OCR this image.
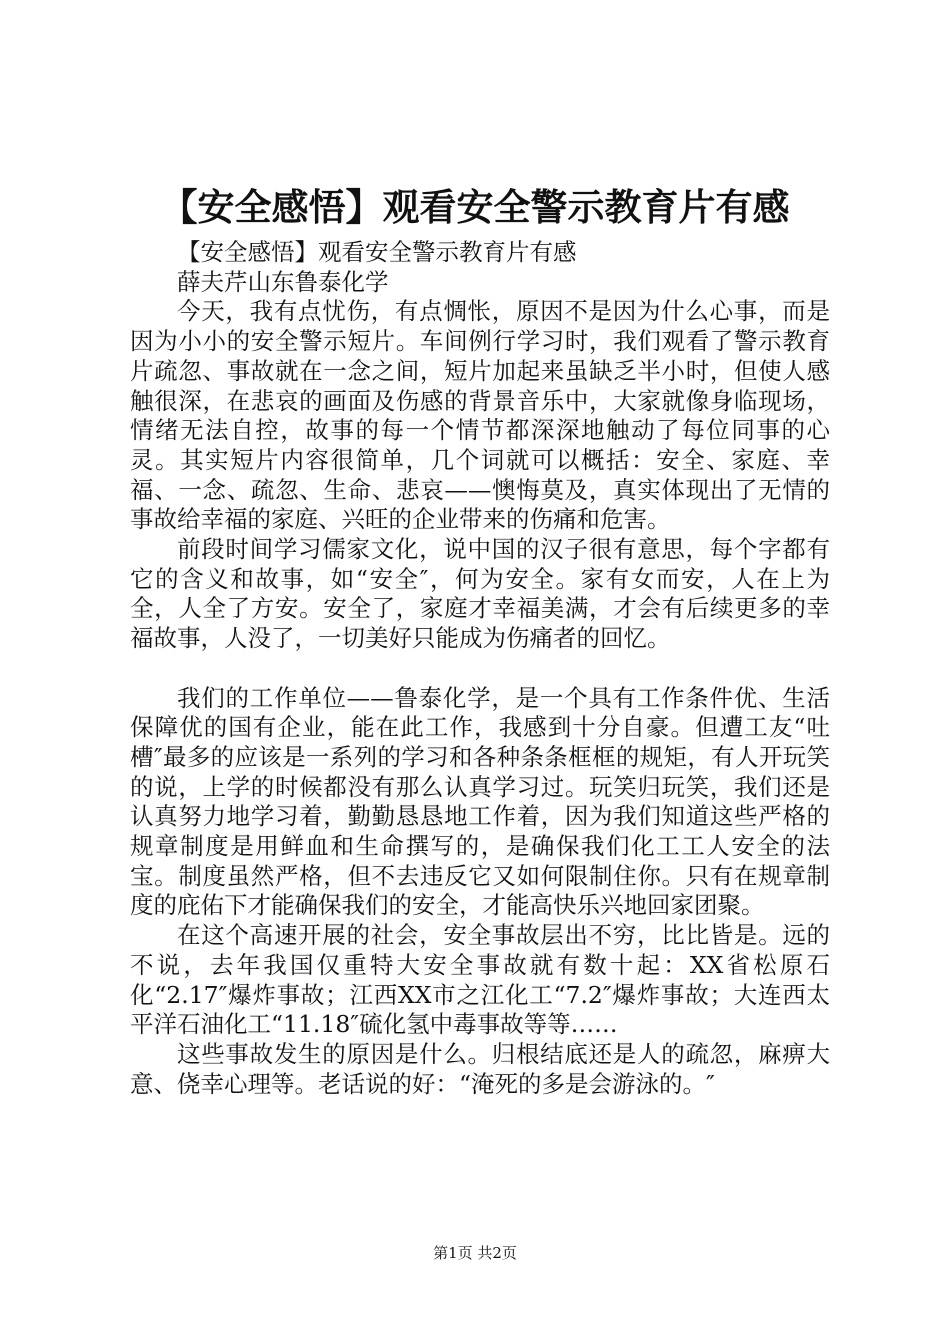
【安全感悟】观看安全警示教育片有感

【安全感悟】观看安全警示教育片有感

薛夫芹山东鲁泰化学

今天，我有点忧伤，有点惆怅，原因不是因为什么心事，而是因为小小的安全警示短片。车间例行学习时，我们观看了警示教育片疏忽、事故就在一念之间，短片加起来虽缺乏半小时，但使人感触很深，在悲哀的画面及伤感的背景音乐中，大家就像身临现场，情绪无法自控，故事的每一个情节都深深地触动了每位同事的心灵。其实短片内容很简单，几个词就可以概括：安全、家庭、幸福、一念、疏忽、生命、悲哀——懊悔莫及，真实体现出了无情的事故给幸福的家庭、兴旺的企业带来的伤痛和危害。

前段时间学习儒家文化，说中国的汉子很有意思，每个字都有它的含义和故事，如“安全″，何为安全。家有女而安，人在上为全，人全了方安。安全了，家庭才幸福美满，才会有后续更多的幸福故事，人没了，一切美好只能成为伤痛者的回忆。

我们的工作单位——鲁泰化学，是一个具有工作条件优、生活保障优的国有企业，能在此工作，我感到十分自豪。但遭工友“吐槽″最多的应该是一系列的学习和各种条条框框的规矩，有人开玩笑的说，上学的时候都没有那么认真学习过。玩笑归玩笑，我们还是认真努力地学习着，勤勤恳恳地工作着，因为我们知道这些严格的规章制度是用鲜血和生命撰写的，是确保我们化工工人安全的法宝。制度虽然严格，但不去违反它又如何限制住你。只有在规章制度的庇佑下才能确保我们的安全，才能高快乐兴地回家团聚。

在这个高速开展的社会，安全事故层出不穷，比比皆是。远的不说，去年我国仅重特大安全事故就有数十起：XX省松原石化“2.17″爆炸事故；江西XX市之江化工“7.2″爆炸事故；大连西太平洋石油化工“11.18″硫化氢中毒事故等等……

这些事故发生的原因是什么。归根结底还是人的疏忽，麻痹大意、侥幸心理等。老话说的好：“淹死的多是会游泳的。″

第1页 共2页
